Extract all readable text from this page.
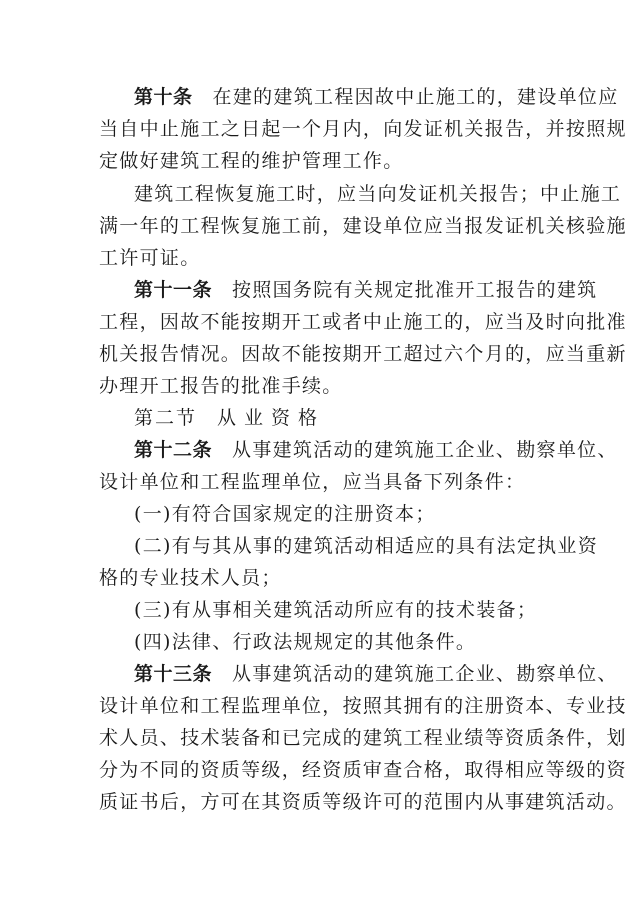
第十条 在建的建筑工程因故中止施工的，建设单位应
当自中止施工之日起一个月内，向发证机关报告，并按照规
定做好建筑工程的维护管理工作。
建筑工程恢复施工时，应当向发证机关报告；中止施工
满一年的工程恢复施工前，建设单位应当报发证机关核验施
工许可证。
第十一条 按照国务院有关规定批准开工报告的建筑
工程，因故不能按期开工或者中止施工的，应当及时向批准
机关报告情况。因故不能按期开工超过六个月的，应当重新
办理开工报告的批准手续。
第二节 从业资格
第十二条 从事建筑活动的建筑施工企业、勘察单位、
设计单位和工程监理单位，应当具备下列条件：
(一)有符合国家规定的注册资本；
(二)有与其从事的建筑活动相适应的具有法定执业资
格的专业技术人员；
(三)有从事相关建筑活动所应有的技术装备；
(四)法律、行政法规规定的其他条件。
第十三条 从事建筑活动的建筑施工企业、勘察单位、
设计单位和工程监理单位，按照其拥有的注册资本、专业技
术人员、技术装备和已完成的建筑工程业绩等资质条件，划
分为不同的资质等级，经资质审查合格，取得相应等级的资
质证书后，方可在其资质等级许可的范围内从事建筑活动。
